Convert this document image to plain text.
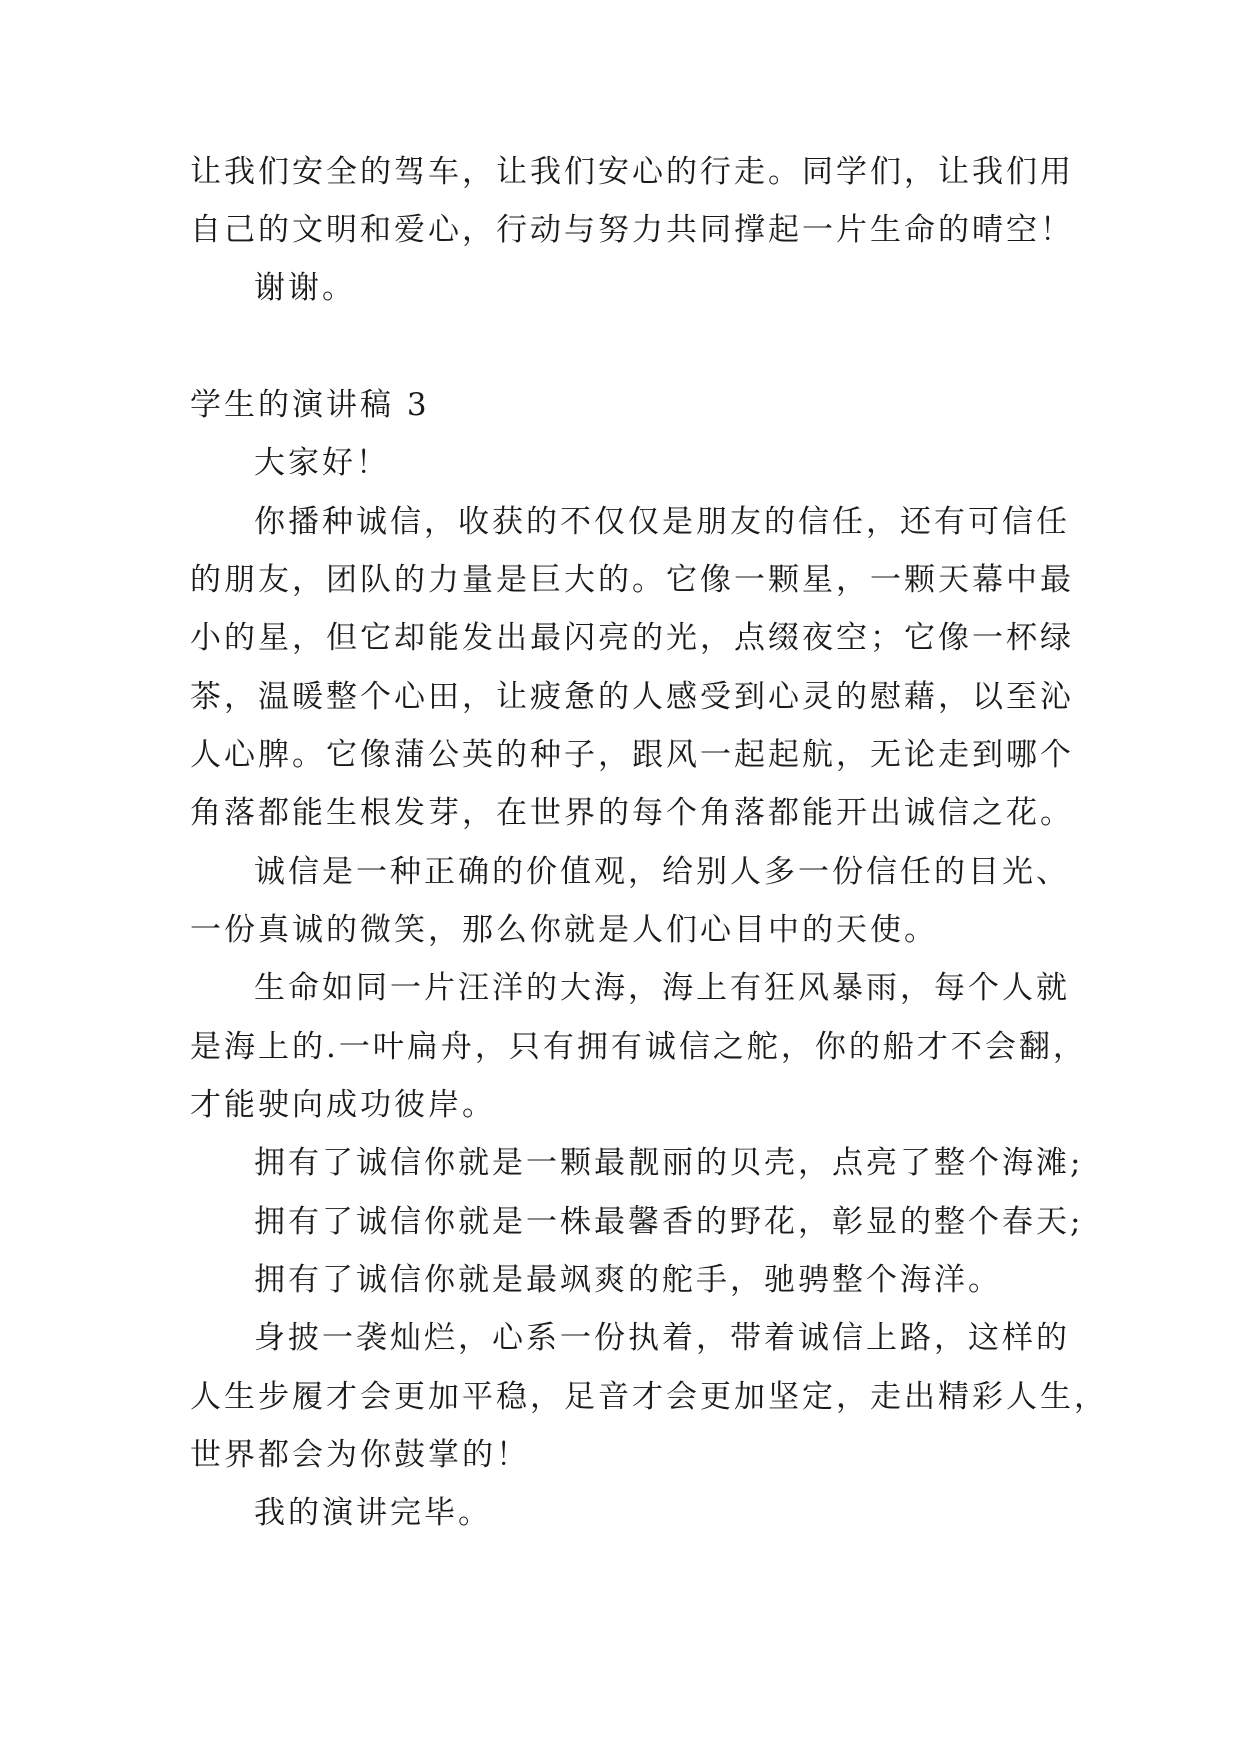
让我们安全的驾车，让我们安心的行走。同学们，让我们用
自己的文明和爱心，行动与努力共同撑起一片生命的晴空！
谢谢。
学生的演讲稿 3
大家好！
你播种诚信，收获的不仅仅是朋友的信任，还有可信任
的朋友，团队的力量是巨大的。它像一颗星，一颗天幕中最
小的星，但它却能发出最闪亮的光，点缀夜空；它像一杯绿
茶，温暖整个心田，让疲惫的人感受到心灵的慰藉，以至沁
人心脾。它像蒲公英的种子，跟风一起起航，无论走到哪个
角落都能生根发芽，在世界的每个角落都能开出诚信之花。
诚信是一种正确的价值观，给别人多一份信任的目光、
一份真诚的微笑，那么你就是人们心目中的天使。
生命如同一片汪洋的大海，海上有狂风暴雨，每个人就
是海上的.一叶扁舟，只有拥有诚信之舵，你的船才不会翻，
才能驶向成功彼岸。
拥有了诚信你就是一颗最靓丽的贝壳，点亮了整个海滩;
拥有了诚信你就是一株最馨香的野花，彰显的整个春天;
拥有了诚信你就是最飒爽的舵手，驰骋整个海洋。
身披一袭灿烂，心系一份执着，带着诚信上路，这样的
人生步履才会更加平稳，足音才会更加坚定，走出精彩人生，
世界都会为你鼓掌的！
我的演讲完毕。
